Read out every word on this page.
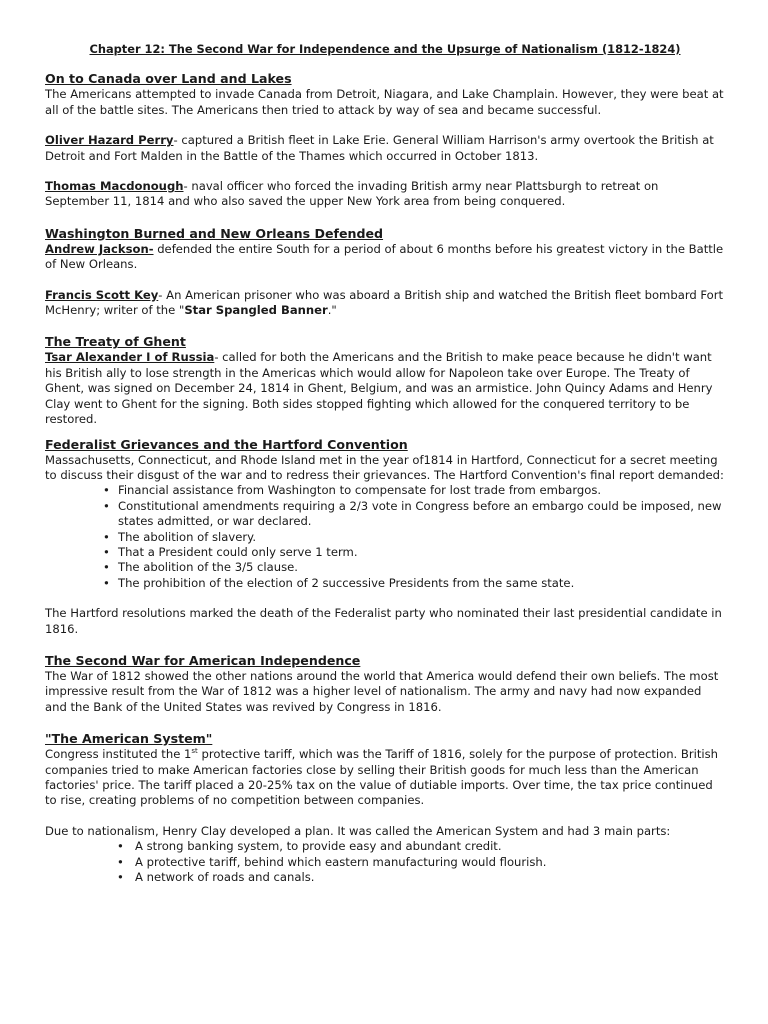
Chapter 12: The Second War for Independence and the Upsurge of Nationalism (1812-1824)

On to Canada over Land and Lakes

The Americans attempted to invade Canada from Detroit, Niagara, and Lake Champlain. However, they were beat at all of the battle sites. The Americans then tried to attack by way of sea and became successful.

Oliver Hazard Perry- captured a British fleet in Lake Erie. General William Harrison's army overtook the British at Detroit and Fort Malden in the Battle of the Thames which occurred in October 1813.

Thomas Macdonough- naval officer who forced the invading British army near Plattsburgh to retreat on September 11, 1814 and who also saved the upper New York area from being conquered.

Washington Burned and New Orleans Defended

Andrew Jackson- defended the entire South for a period of about 6 months before his greatest victory in the Battle of New Orleans.

Francis Scott Key- An American prisoner who was aboard a British ship and watched the British fleet bombard Fort McHenry; writer of the "Star Spangled Banner."

The Treaty of Ghent

Tsar Alexander I of Russia- called for both the Americans and the British to make peace because he didn't want his British ally to lose strength in the Americas which would allow for Napoleon take over Europe. The Treaty of Ghent, was signed on December 24, 1814 in Ghent, Belgium, and was an armistice. John Quincy Adams and Henry Clay went to Ghent for the signing. Both sides stopped fighting which allowed for the conquered territory to be restored.

Federalist Grievances and the Hartford Convention

Massachusetts, Connecticut, and Rhode Island met in the year of1814 in Hartford, Connecticut for a secret meeting to discuss their disgust of the war and to redress their grievances. The Hartford Convention's final report demanded:

• Financial assistance from Washington to compensate for lost trade from embargos.
• Constitutional amendments requiring a 2/3 vote in Congress before an embargo could be imposed, new states admitted, or war declared.
• The abolition of slavery.
• That a President could only serve 1 term.
• The abolition of the 3/5 clause.
• The prohibition of the election of 2 successive Presidents from the same state.

The Hartford resolutions marked the death of the Federalist party who nominated their last presidential candidate in 1816.

The Second War for American Independence

The War of 1812 showed the other nations around the world that America would defend their own beliefs. The most impressive result from the War of 1812 was a higher level of nationalism. The army and navy had now expanded and the Bank of the United States was revived by Congress in 1816.

"The American System"

Congress instituted the 1st protective tariff, which was the Tariff of 1816, solely for the purpose of protection. British companies tried to make American factories close by selling their British goods for much less than the American factories' price. The tariff placed a 20-25% tax on the value of dutiable imports. Over time, the tax price continued to rise, creating problems of no competition between companies.

Due to nationalism, Henry Clay developed a plan. It was called the American System and had 3 main parts:

• A strong banking system, to provide easy and abundant credit.
• A protective tariff, behind which eastern manufacturing would flourish.
• A network of roads and canals.
